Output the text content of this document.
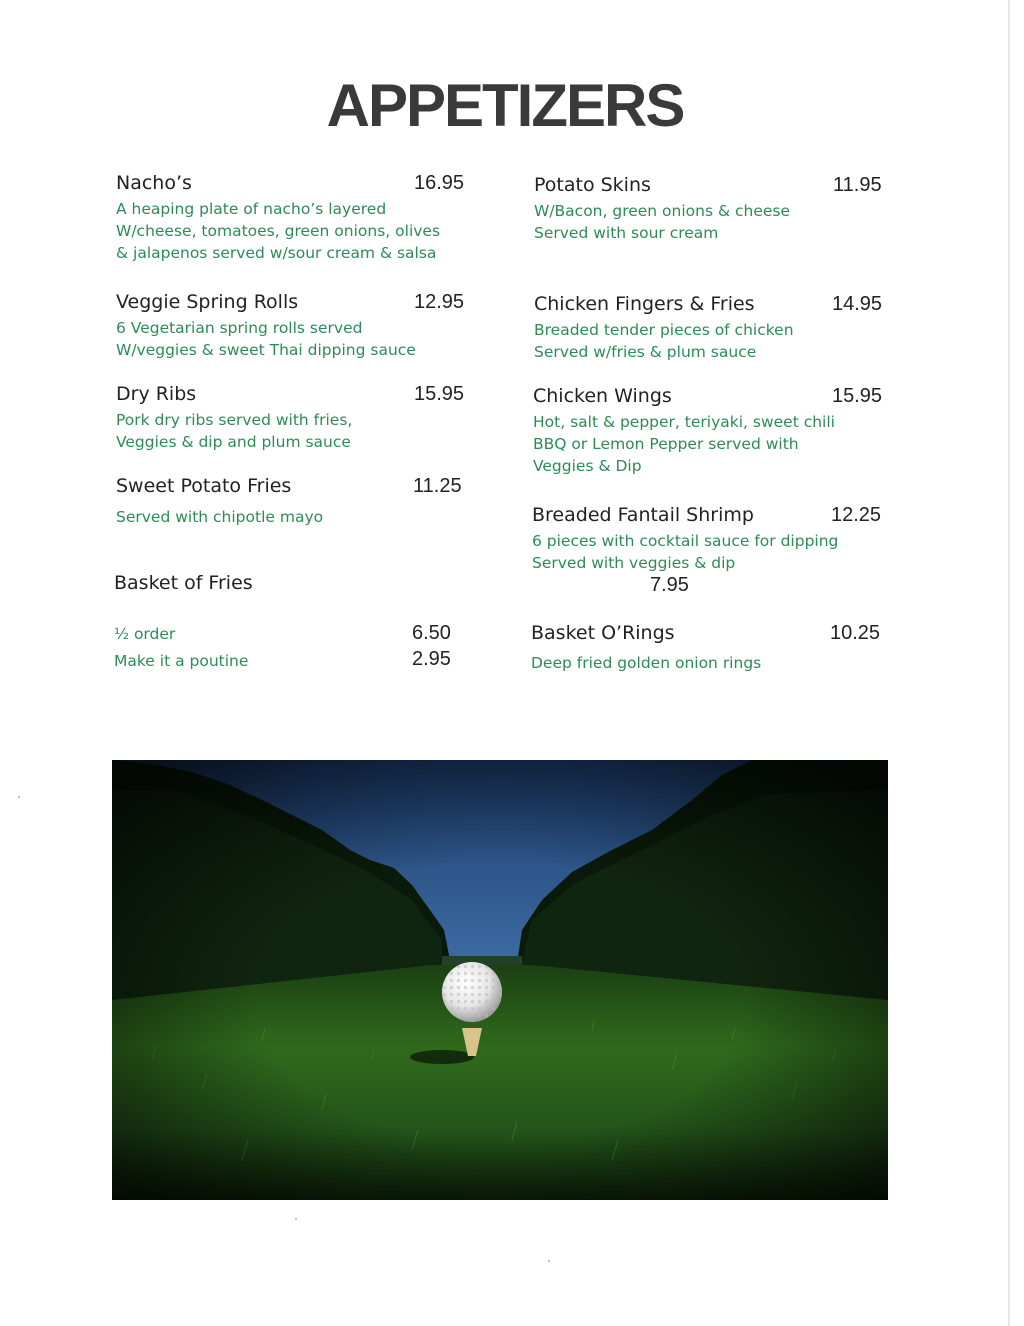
APPETIZERS
Nacho’s	16.95
A heaping plate of nacho’s layered
W/cheese, tomatoes, green onions, olives
& jalapenos served w/sour cream & salsa
Veggie Spring Rolls	12.95
6 Vegetarian spring rolls served
W/veggies & sweet Thai dipping sauce
Dry Ribs	15.95
Pork dry ribs served with fries,
Veggies & dip and plum sauce
Sweet Potato Fries	11.25
Served with chipotle mayo
Basket of Fries	7.95
½ order	6.50
Make it a poutine	2.95
Potato Skins	11.95
W/Bacon, green onions & cheese
Served with sour cream
Chicken Fingers & Fries	14.95
Breaded tender pieces of chicken
Served w/fries & plum sauce
Chicken Wings	15.95
Hot, salt & pepper, teriyaki, sweet chili
BBQ or Lemon Pepper served with
Veggies & Dip
Breaded Fantail Shrimp	12.25
6 pieces with cocktail sauce for dipping
Served with veggies & dip
Basket O’Rings	10.25
Deep fried golden onion rings
